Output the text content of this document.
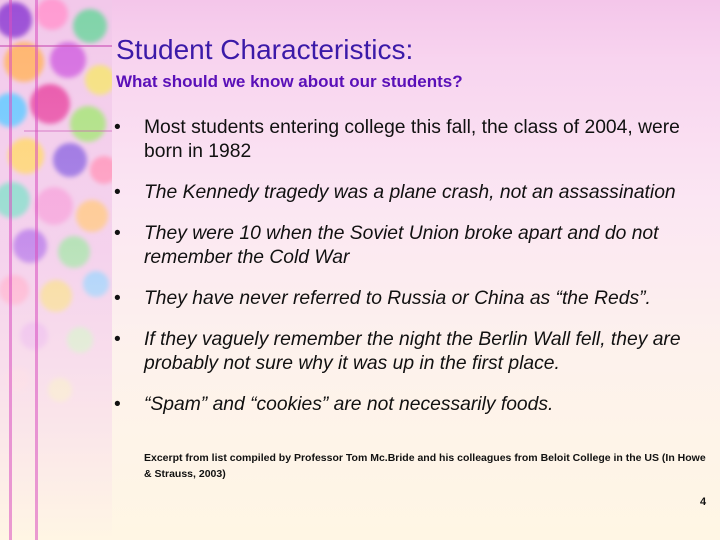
Student Characteristics:
What should we know about our students?
• Most students entering college this fall, the class of 2004, were born in 1982
• The Kennedy tragedy was a plane crash, not an assassination
• They were 10 when the Soviet Union broke apart and do not remember the Cold War
• They have never referred to Russia or China as “the Reds”.
• If they vaguely remember the night the Berlin Wall fell, they are probably not sure why it was up in the first place.
• “Spam” and “cookies” are not necessarily foods.

Excerpt from list compiled by Professor Tom Mc.Bride and his colleagues from Beloit College in the US (In Howe & Strauss, 2003)

4
